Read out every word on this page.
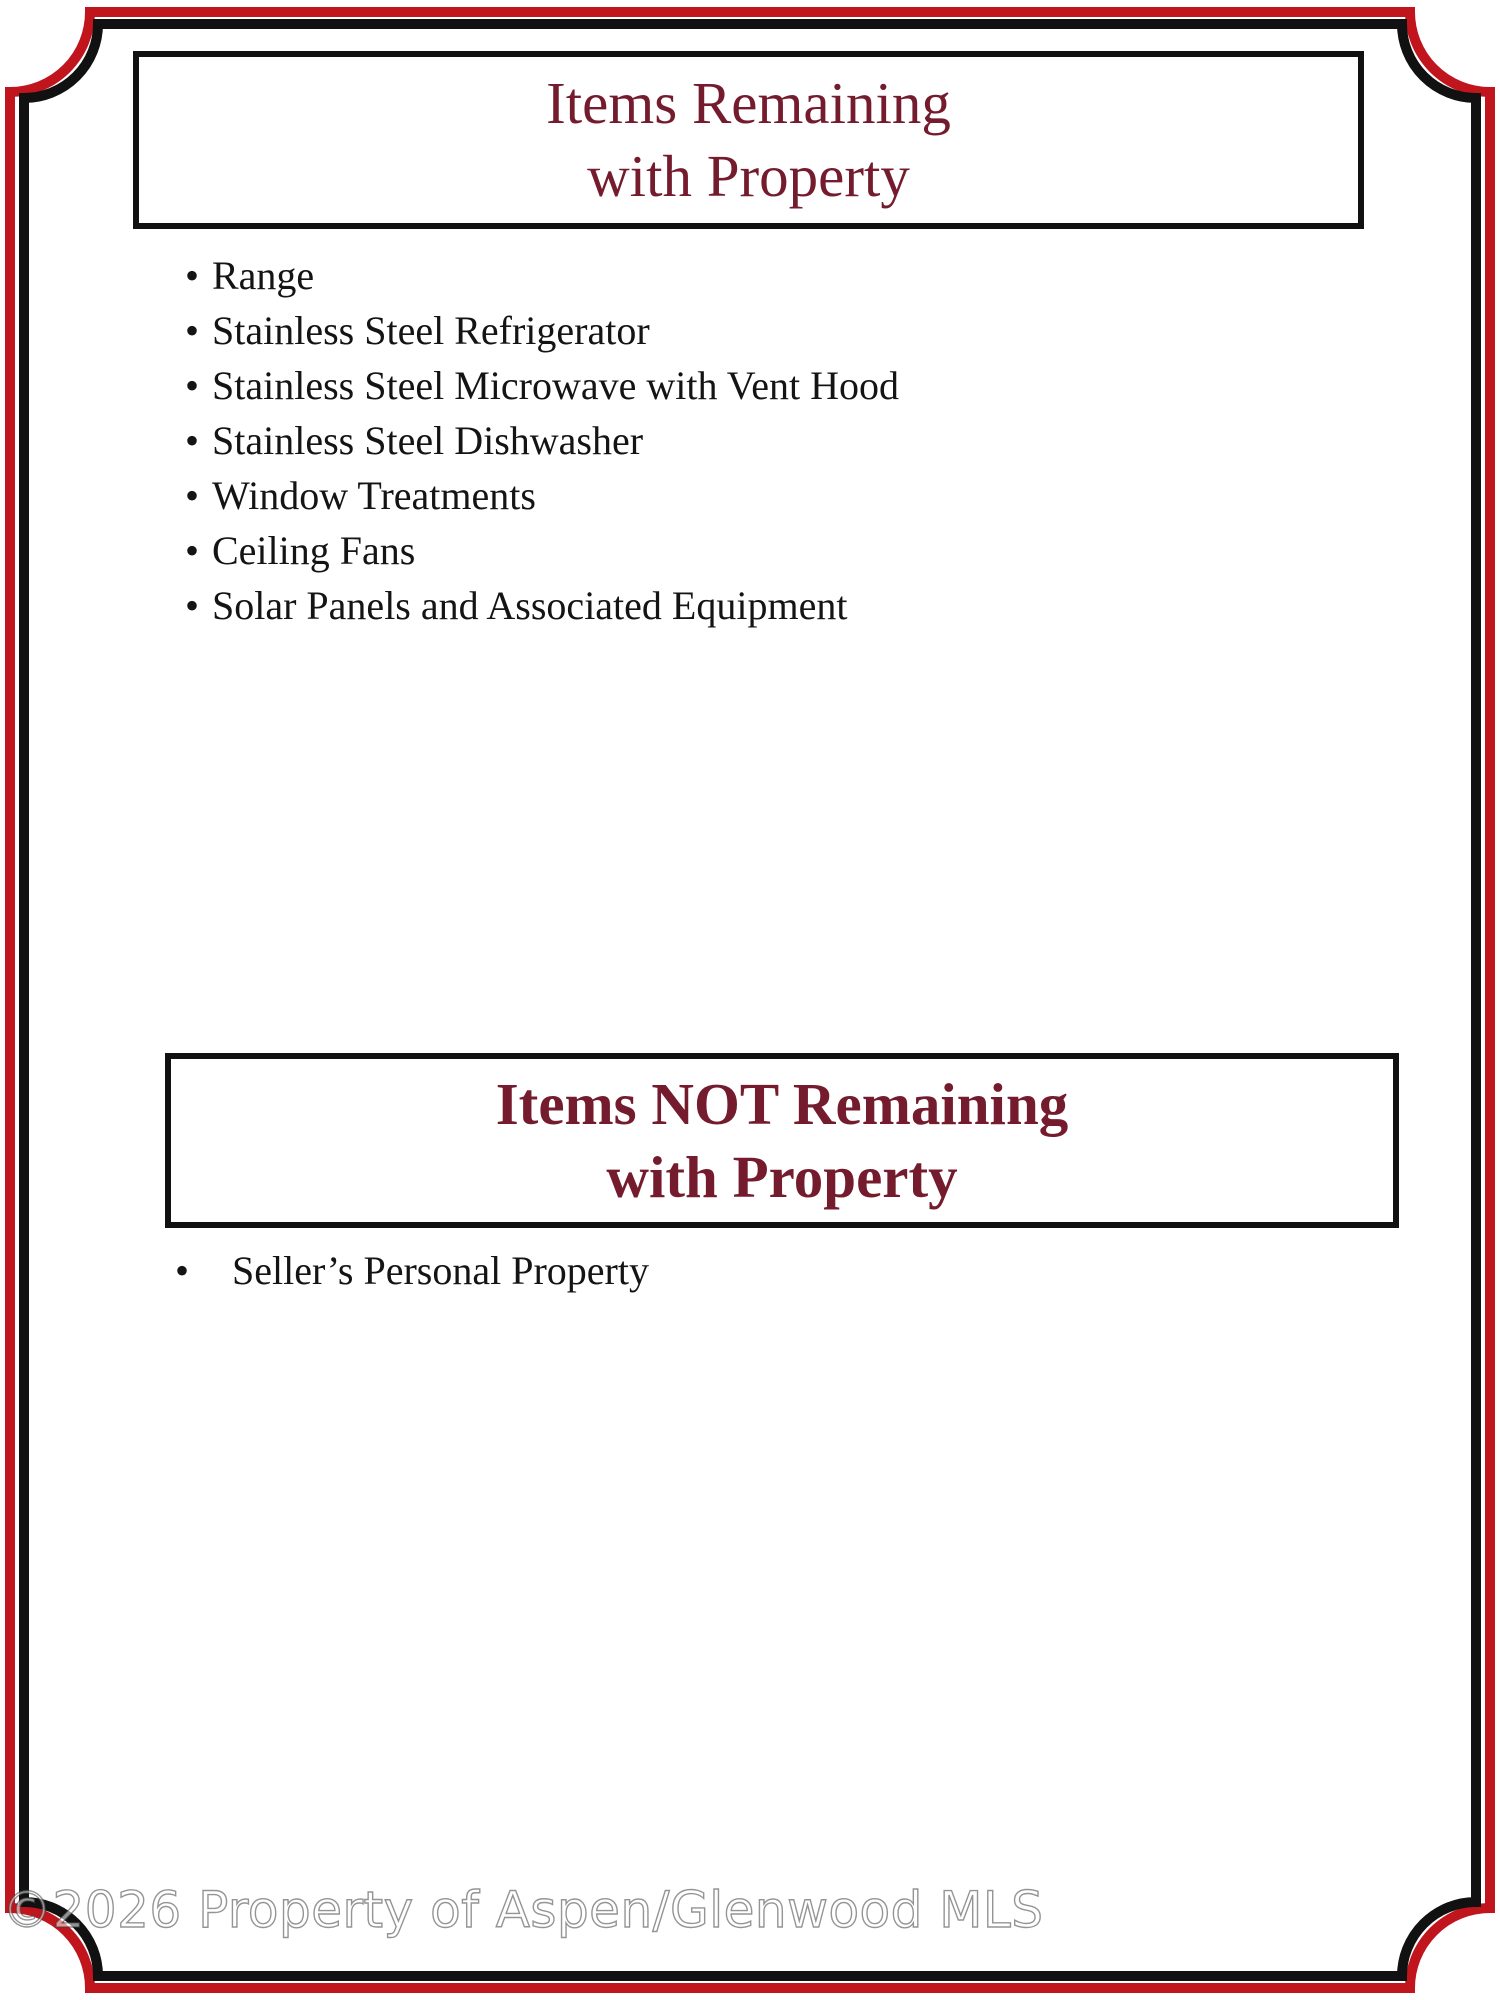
Items Remaining
with Property
• Range
• Stainless Steel Refrigerator
• Stainless Steel Microwave with Vent Hood
• Stainless Steel Dishwasher
• Window Treatments
• Ceiling Fans
• Solar Panels and Associated Equipment
Items NOT Remaining
with Property
• Seller’s Personal Property
©2026 Property of Aspen/Glenwood MLS
